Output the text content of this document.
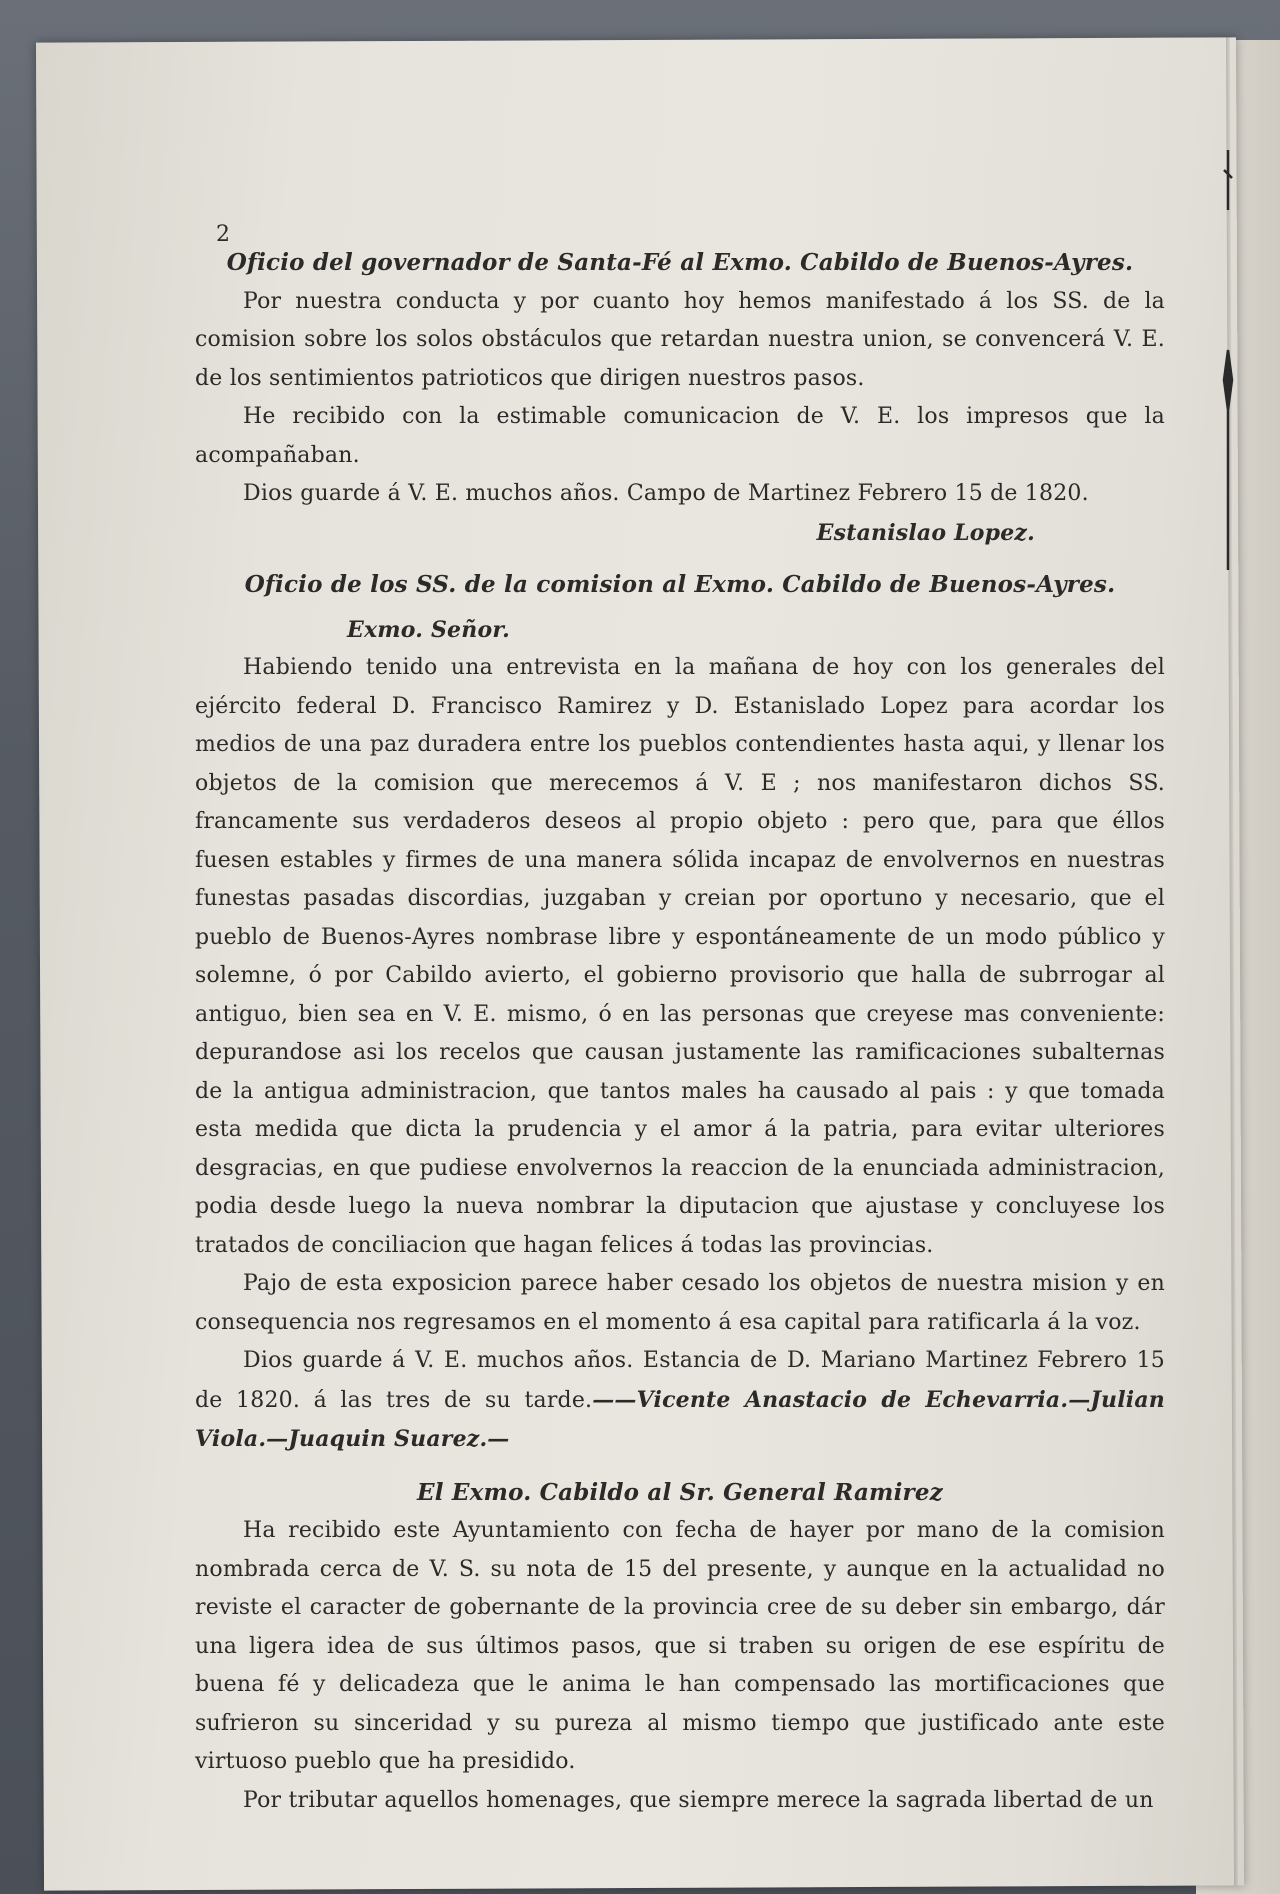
2

Oficio del governador de Santa-Fé al Exmo. Cabildo de Buenos-Ayres.

Por nuestra conducta y por cuanto hoy hemos manifestado á los SS. de la comision sobre los solos obstáculos que retardan nuestra union, se convencerá V. E. de los sentimientos patrioticos que dirigen nuestros pasos.

He recibido con la estimable comunicacion de V. E. los impresos que la acompañaban.

Dios guarde á V. E. muchos años. Campo de Martinez Febrero 15 de 1820.

Estanislao Lopez.

Oficio de los SS. de la comision al Exmo. Cabildo de Buenos-Ayres.

Exmo. Señor.

Habiendo tenido una entrevista en la mañana de hoy con los generales del ejército federal D. Francisco Ramirez y D. Estanislado Lopez para acordar los medios de una paz duradera entre los pueblos contendientes hasta aqui, y llenar los objetos de la comision que merecemos á V. E ; nos manifestaron dichos SS. francamente sus verdaderos deseos al propio objeto : pero que, para que éllos fuesen estables y firmes de una manera sólida incapaz de envolvernos en nuestras funestas pasadas discordias, juzgaban y creian por oportuno y necesario, que el pueblo de Buenos-Ayres nombrase libre y espontáneamente de un modo público y solemne, ó por Cabildo avierto, el gobierno provisorio que halla de subrrogar al antiguo, bien sea en V. E. mismo, ó en las personas que creyese mas conveniente: depurandose asi los recelos que causan justamente las ramificaciones subalternas de la antigua administracion, que tantos males ha causado al pais : y que tomada esta medida que dicta la prudencia y el amor á la patria, para evitar ulteriores desgracias, en que pudiese envolvernos la reaccion de la enunciada administracion, podia desde luego la nueva nombrar la diputacion que ajustase y concluyese los tratados de conciliacion que hagan felices á todas las provincias.

Pajo de esta exposicion parece haber cesado los objetos de nuestra mision y en consequencia nos regresamos en el momento á esa capital para ratificarla á la voz.

Dios guarde á V. E. muchos años. Estancia de D. Mariano Martinez Febrero 15 de 1820. á las tres de su tarde.——Vicente Anastacio de Echevarria.—Julian Viola.—Juaquin Suarez.—

El Exmo. Cabildo al Sr. General Ramirez

Ha recibido este Ayuntamiento con fecha de hayer por mano de la comision nombrada cerca de V. S. su nota de 15 del presente, y aunque en la actualidad no reviste el caracter de gobernante de la provincia cree de su deber sin embargo, dár una ligera idea de sus últimos pasos, que si traben su origen de ese espíritu de buena fé y delicadeza que le anima le han compensado las mortificaciones que sufrieron su sinceridad y su pureza al mismo tiempo que justificado ante este virtuoso pueblo que ha presidido.

Por tributar aquellos homenages, que siempre merece la sagrada libertad de un
